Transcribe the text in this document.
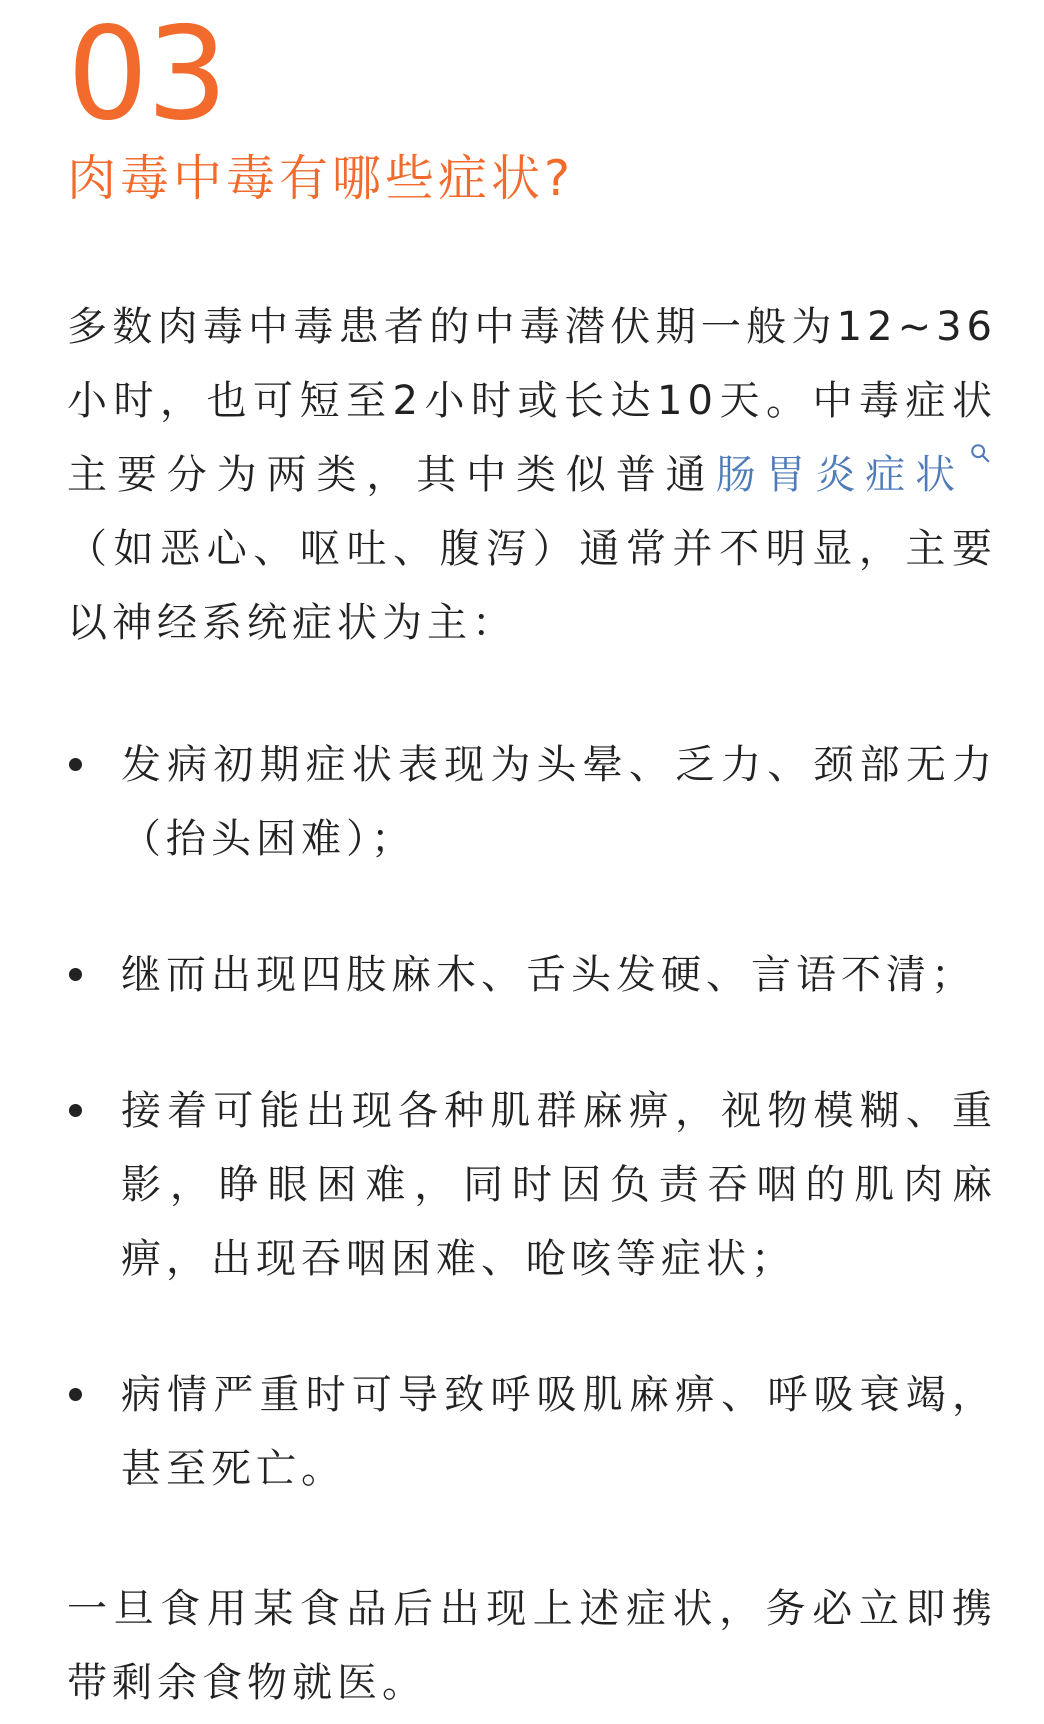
03
肉毒中毒有哪些症状?

多数肉毒中毒患者的中毒潜伏期一般为12~36小时，也可短至2小时或长达10天。中毒症状主要分为两类，其中类似普通肠胃炎症状（如恶心、呕吐、腹泻）通常并不明显，主要以神经系统症状为主：

发病初期症状表现为头晕、乏力、颈部无力（抬头困难）；
继而出现四肢麻木、舌头发硬、言语不清；
接着可能出现各种肌群麻痹，视物模糊、重影，睁眼困难，同时因负责吞咽的肌肉麻痹，出现吞咽困难、呛咳等症状；
病情严重时可导致呼吸肌麻痹、呼吸衰竭，甚至死亡。

一旦食用某食品后出现上述症状，务必立即携带剩余食物就医。
